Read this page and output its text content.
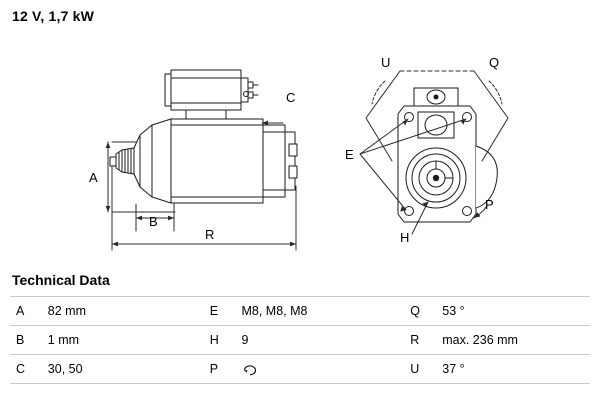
12 V, 1,7 kW
A
B
C
R
E
H
P
U	Q
Technical Data
A	82 mm		E	M8, M8, M8		Q	53 °
B	1 mm		H	9		R	max. 236 mm
C	30, 50		P			U	37 °
